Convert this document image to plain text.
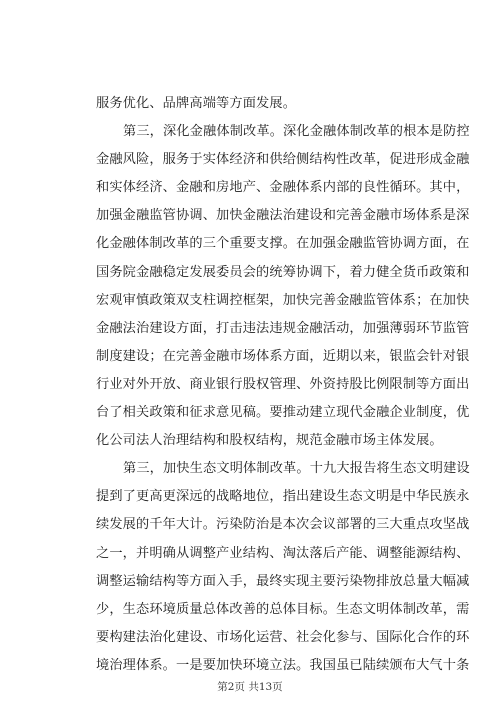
服务优化、品牌高端等方面发展。
第三，深化金融体制改革。深化金融体制改革的根本是防控
金融风险，服务于实体经济和供给侧结构性改革，促进形成金融
和实体经济、金融和房地产、金融体系内部的良性循环。其中，
加强金融监管协调、加快金融法治建设和完善金融市场体系是深
化金融体制改革的三个重要支撑。在加强金融监管协调方面，在
国务院金融稳定发展委员会的统筹协调下，着力健全货币政策和
宏观审慎政策双支柱调控框架，加快完善金融监管体系；在加快
金融法治建设方面，打击违法违规金融活动，加强薄弱环节监管
制度建设；在完善金融市场体系方面，近期以来，银监会针对银
行业对外开放、商业银行股权管理、外资持股比例限制等方面出
台了相关政策和征求意见稿。要推动建立现代金融企业制度，优
化公司法人治理结构和股权结构，规范金融市场主体发展。
第三，加快生态文明体制改革。十九大报告将生态文明建设
提到了更高更深远的战略地位，指出建设生态文明是中华民族永
续发展的千年大计。污染防治是本次会议部署的三大重点攻坚战
之一，并明确从调整产业结构、淘汰落后产能、调整能源结构、
调整运输结构等方面入手，最终实现主要污染物排放总量大幅减
少，生态环境质量总体改善的总体目标。生态文明体制改革，需
要构建法治化建设、市场化运营、社会化参与、国际化合作的环
境治理体系。一是要加快环境立法。我国虽已陆续颁布大气十条
第2页 共13页
